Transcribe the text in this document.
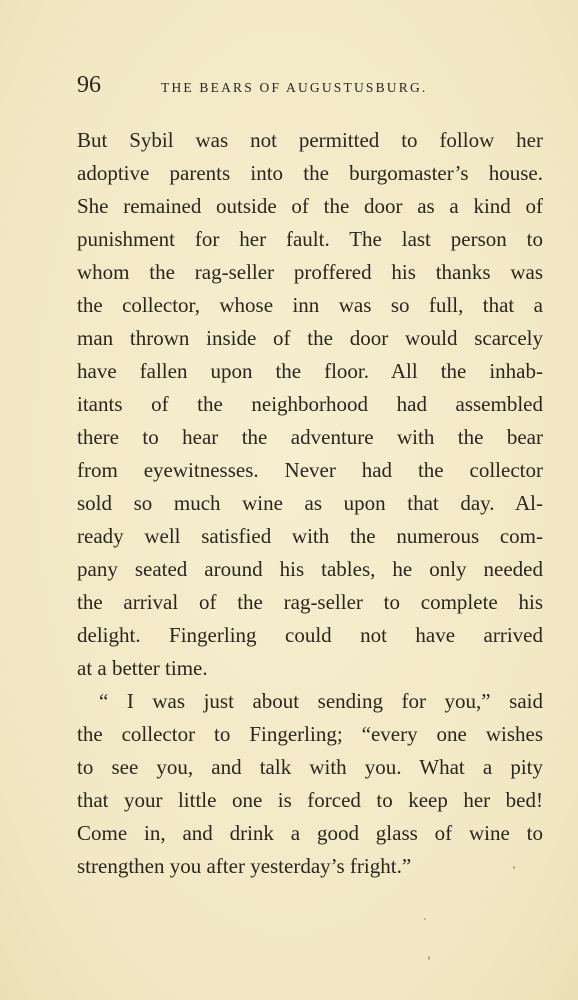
96	THE BEARS OF AUGUSTUSBURG.
But Sybil was not permitted to follow her
adoptive parents into the burgomaster’s house.
She remained outside of the door as a kind of
punishment for her fault. The last person to
whom the rag-seller proffered his thanks was
the collector, whose inn was so full, that a
man thrown inside of the door would scarcely
have fallen upon the floor. All the inhab-
itants of the neighborhood had assembled
there to hear the adventure with the bear
from eyewitnesses. Never had the collector
sold so much wine as upon that day. Al-
ready well satisfied with the numerous com-
pany seated around his tables, he only needed
the arrival of the rag-seller to complete his
delight. Fingerling could not have arrived
at a better time.
“ I was just about sending for you,” said
the collector to Fingerling; “every one wishes
to see you, and talk with you. What a pity
that your little one is forced to keep her bed!
Come in, and drink a good glass of wine to
strengthen you after yesterday’s fright.”
